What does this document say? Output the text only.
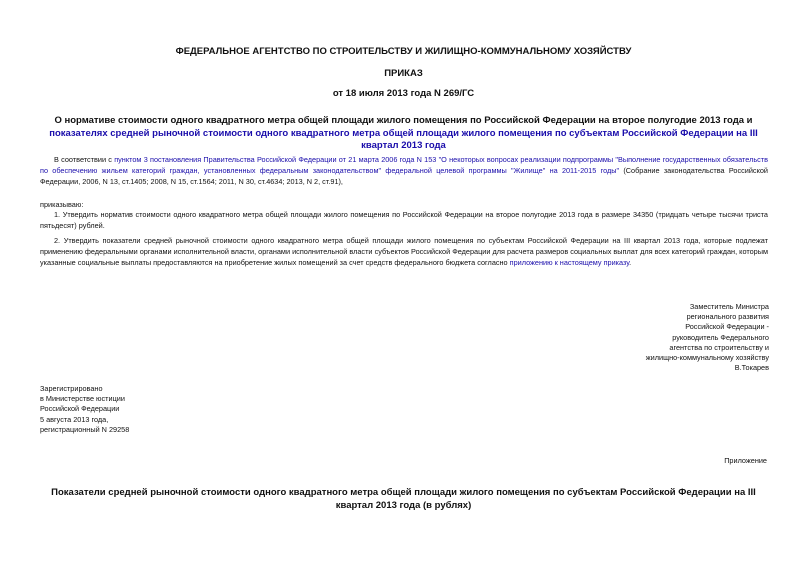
ФЕДЕРАЛЬНОЕ АГЕНТСТВО ПО СТРОИТЕЛЬСТВУ И ЖИЛИЩНО-КОММУНАЛЬНОМУ ХОЗЯЙСТВУ
ПРИКАЗ
от 18 июля 2013 года N 269/ГС
О нормативе стоимости одного квадратного метра общей площади жилого помещения по Российской Федерации на второе полугодие 2013 года и показателях средней рыночной стоимости одного квадратного метра общей площади жилого помещения по субъектам Российской Федерации на III квартал 2013 года
В соответствии с пунктом 3 постановления Правительства Российской Федерации от 21 марта 2006 года N 153 "О некоторых вопросах реализации подпрограммы "Выполнение государственных обязательств по обеспечению жильем категорий граждан, установленных федеральным законодательством" федеральной целевой программы "Жилище" на 2011-2015 годы" (Собрание законодательства Российской Федерации, 2006, N 13, ст.1405; 2008, N 15, ст.1564; 2011, N 30, ст.4634; 2013, N 2, ст.91),
приказываю:
1. Утвердить норматив стоимости одного квадратного метра общей площади жилого помещения по Российской Федерации на второе полугодие 2013 года в размере 34350 (тридцать четыре тысячи триста пятьдесят) рублей.
2. Утвердить показатели средней рыночной стоимости одного квадратного метра общей площади жилого помещения по субъектам Российской Федерации на III квартал 2013 года, которые подлежат применению федеральными органами исполнительной власти, органами исполнительной власти субъектов Российской Федерации для расчета размеров социальных выплат для всех категорий граждан, которым указанные социальные выплаты предоставляются на приобретение жилых помещений за счет средств федерального бюджета согласно приложению к настоящему приказу.
Заместитель Министра
регионального развития
Российской Федерации -
руководитель Федерального
агентства по строительству и
жилищно-коммунальному хозяйству
В.Токарев
Зарегистрировано
в Министерстве юстиции
Российской Федерации
5 августа 2013 года,
регистрационный N 29258
Приложение
Показатели средней рыночной стоимости одного квадратного метра общей площади жилого помещения по субъектам Российской Федерации на III квартал 2013 года (в рублях)
